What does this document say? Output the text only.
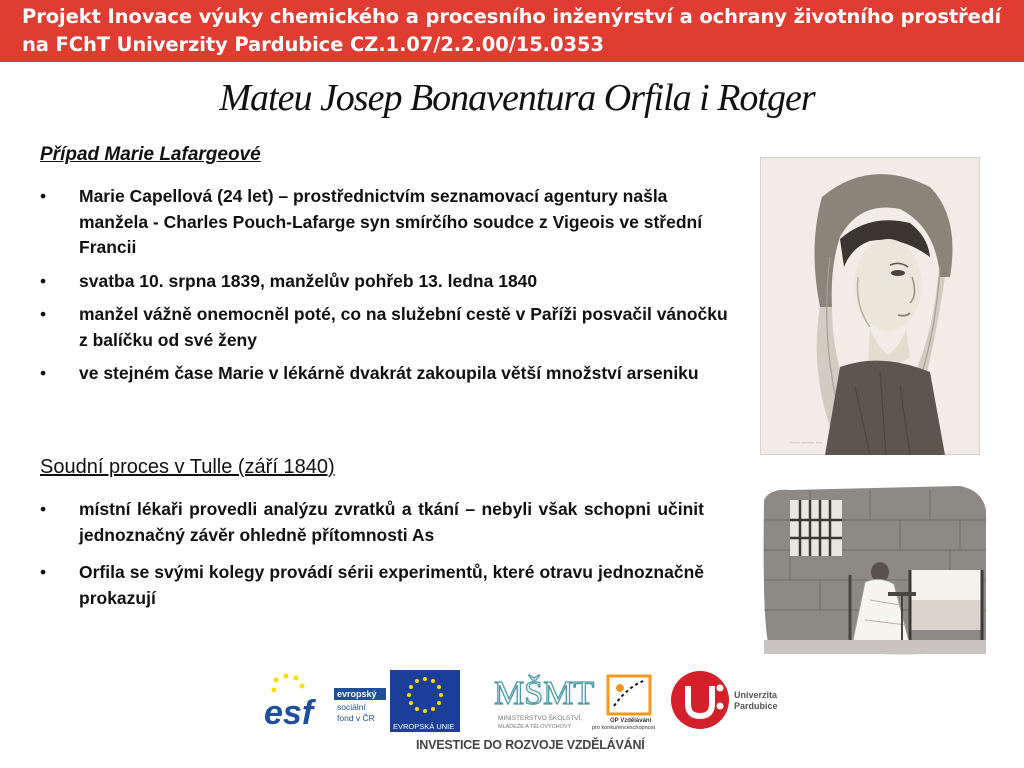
Projekt Inovace výuky chemického a procesního inženýrství a ochrany životního prostředí
na FChT Univerzity Pardubice CZ.1.07/2.2.00/15.0353
Mateu Josep Bonaventura Orfila i Rotger
Případ Marie Lafargeové
• Marie Capellová (24 let) – prostřednictvím seznamovací agentury našla manžela - Charles Pouch-Lafarge syn smírčího soudce z Vigeois ve střední Francii
• svatba 10. srpna 1839, manželův pohřeb 13. ledna 1840
• manžel vážně onemocněl poté, co na služební cestě v Paříži posvačil vánočku z balíčku od své ženy
• ve stejném čase Marie v lékárně dvakrát zakoupila větší množství arseniku
Soudní proces v Tulle (září 1840)
• místní lékaři provedli analýzu zvratků a tkání – nebyli však schopni učinit jednoznačný závěr ohledně přítomnosti As
• Orfila se svými kolegy provádí sérii experimentů, které otravu jednoznačně prokazují
~~~ ~~~~ ~~
esf	evropský
sociální
fond v ČR
EVROPSKÁ UNIE
MŠMT
MINISTERSTVO ŠKOLSTVÍ,
MLÁDEŽE A TĚLOVÝCHOVY
OP Vzdělávání
pro konkurenceschopnost
Univerzita
Pardubice
INVESTICE DO ROZVOJE VZDĚLÁVÁNÍ
